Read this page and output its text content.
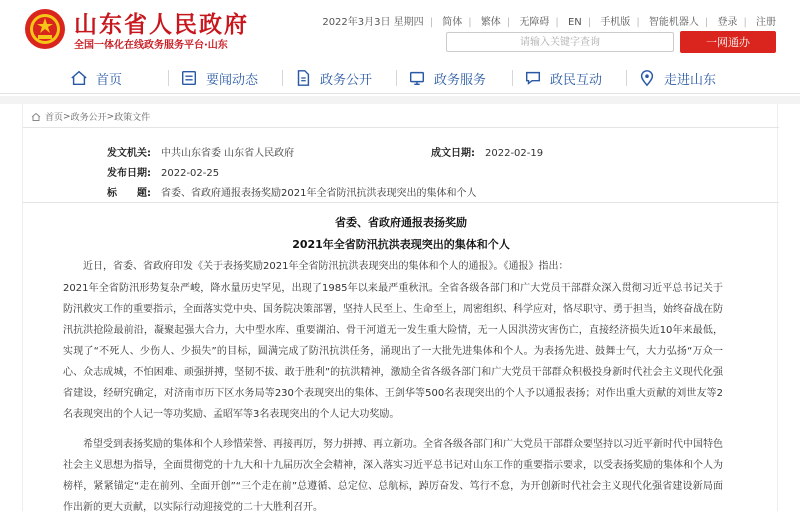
山东省人民政府
全国一体化在线政务服务平台·山东
2022年3月3日 星期四 | 简体 | 繁体 | 无障碍 | EN | 手机版 | 智能机器人 | 登录 | 注册
请输入关键字查询
一网通办
首页	要闻动态	政务公开	政务服务	政民互动	走进山东
首页 > 政务公开 > 政策文件
发文机关: 中共山东省委 山东省人民政府	成文日期: 2022-02-19
发布日期: 2022-02-25
标　　题: 省委、省政府通报表扬奖励2021年全省防汛抗洪表现突出的集体和个人
省委、省政府通报表扬奖励
2021年全省防汛抗洪表现突出的集体和个人

近日，省委、省政府印发《关于表扬奖励2021年全省防汛抗洪表现突出的集体和个人的通报》。《通报》指出：

2021年全省防汛形势复杂严峻，降水量历史罕见，出现了1985年以来最严重秋汛。全省各级各部门和广大党员干部群众深入贯彻习近平总书记关于防汛救灾工作的重要指示，全面落实党中央、国务院决策部署，坚持人民至上、生命至上，周密组织、科学应对，恪尽职守、勇于担当，始终奋战在防汛抗洪抢险最前沿，凝聚起强大合力，大中型水库、重要湖泊、骨干河道无一发生重大险情，无一人因洪涝灾害伤亡，直接经济损失近10年来最低，实现了“不死人、少伤人、少损失”的目标，圆满完成了防汛抗洪任务，涌现出了一大批先进集体和个人。为表扬先进、鼓舞士气，大力弘扬“万众一心、众志成城，不怕困难、顽强拼搏，坚韧不拔、敢于胜利”的抗洪精神，激励全省各级各部门和广大党员干部群众积极投身新时代社会主义现代化强省建设，经研究确定，对济南市历下区水务局等230个表现突出的集体、王剑华等500名表现突出的个人予以通报表扬；对作出重大贡献的刘世友等2名表现突出的个人记一等功奖励、孟昭军等3名表现突出的个人记大功奖励。

希望受到表扬奖励的集体和个人珍惜荣誉、再接再厉，努力拼搏、再立新功。全省各级各部门和广大党员干部群众要坚持以习近平新时代中国特色社会主义思想为指导，全面贯彻党的十九大和十九届历次全会精神，深入落实习近平总书记对山东工作的重要指示要求，以受表扬奖励的集体和个人为榜样，紧紧锚定“走在前列、全面开创”“三个走在前”总遵循、总定位、总航标，踔厉奋发、笃行不怠，为开创新时代社会主义现代化强省建设新局面作出新的更大贡献，以实际行动迎接党的二十大胜利召开。
